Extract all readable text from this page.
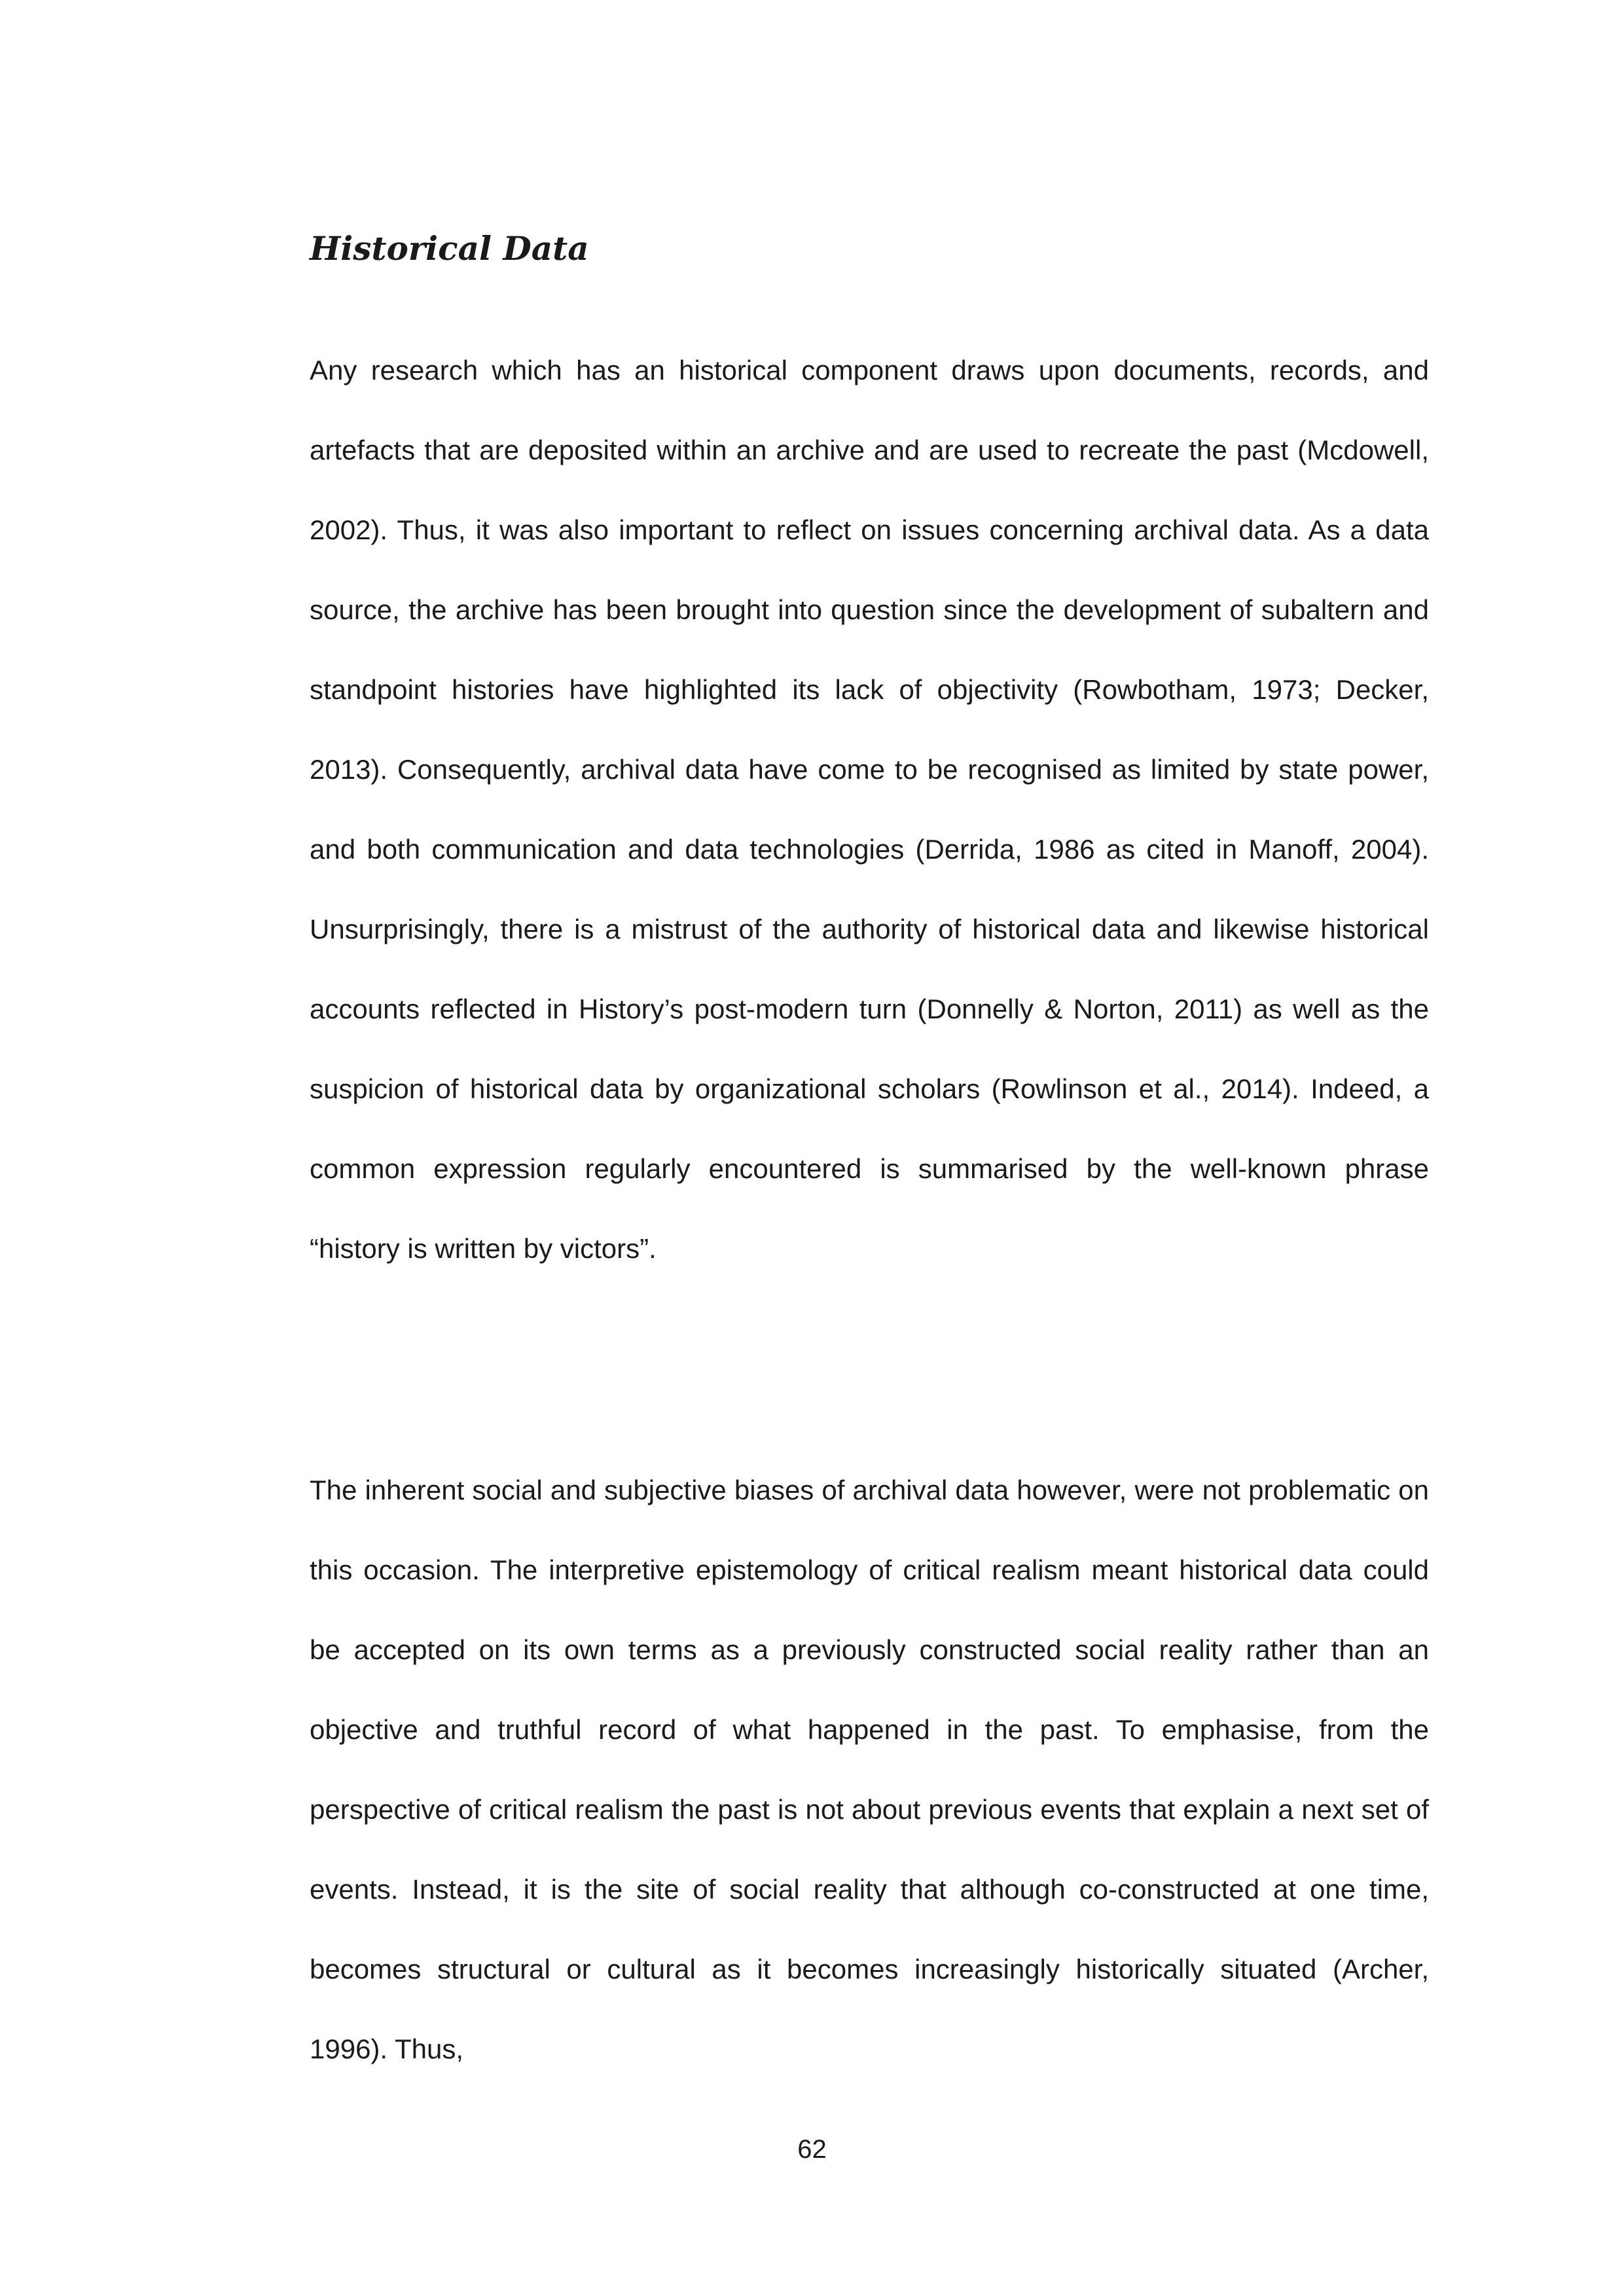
Historical Data

Any research which has an historical component draws upon documents, records, and artefacts that are deposited within an archive and are used to recreate the past (Mcdowell, 2002). Thus, it was also important to reflect on issues concerning archival data. As a data source, the archive has been brought into question since the development of subaltern and standpoint histories have highlighted its lack of objectivity (Rowbotham, 1973; Decker, 2013). Consequently, archival data have come to be recognised as limited by state power, and both communication and data technologies (Derrida, 1986 as cited in Manoff, 2004). Unsurprisingly, there is a mistrust of the authority of historical data and likewise historical accounts reflected in History’s post-modern turn (Donnelly & Norton, 2011) as well as the suspicion of historical data by organizational scholars (Rowlinson et al., 2014). Indeed, a common expression regularly encountered is summarised by the well-known phrase “history is written by victors”.

The inherent social and subjective biases of archival data however, were not problematic on this occasion. The interpretive epistemology of critical realism meant historical data could be accepted on its own terms as a previously constructed social reality rather than an objective and truthful record of what happened in the past. To emphasise, from the perspective of critical realism the past is not about previous events that explain a next set of events. Instead, it is the site of social reality that although co-constructed at one time, becomes structural or cultural as it becomes increasingly historically situated (Archer, 1996). Thus,

62
